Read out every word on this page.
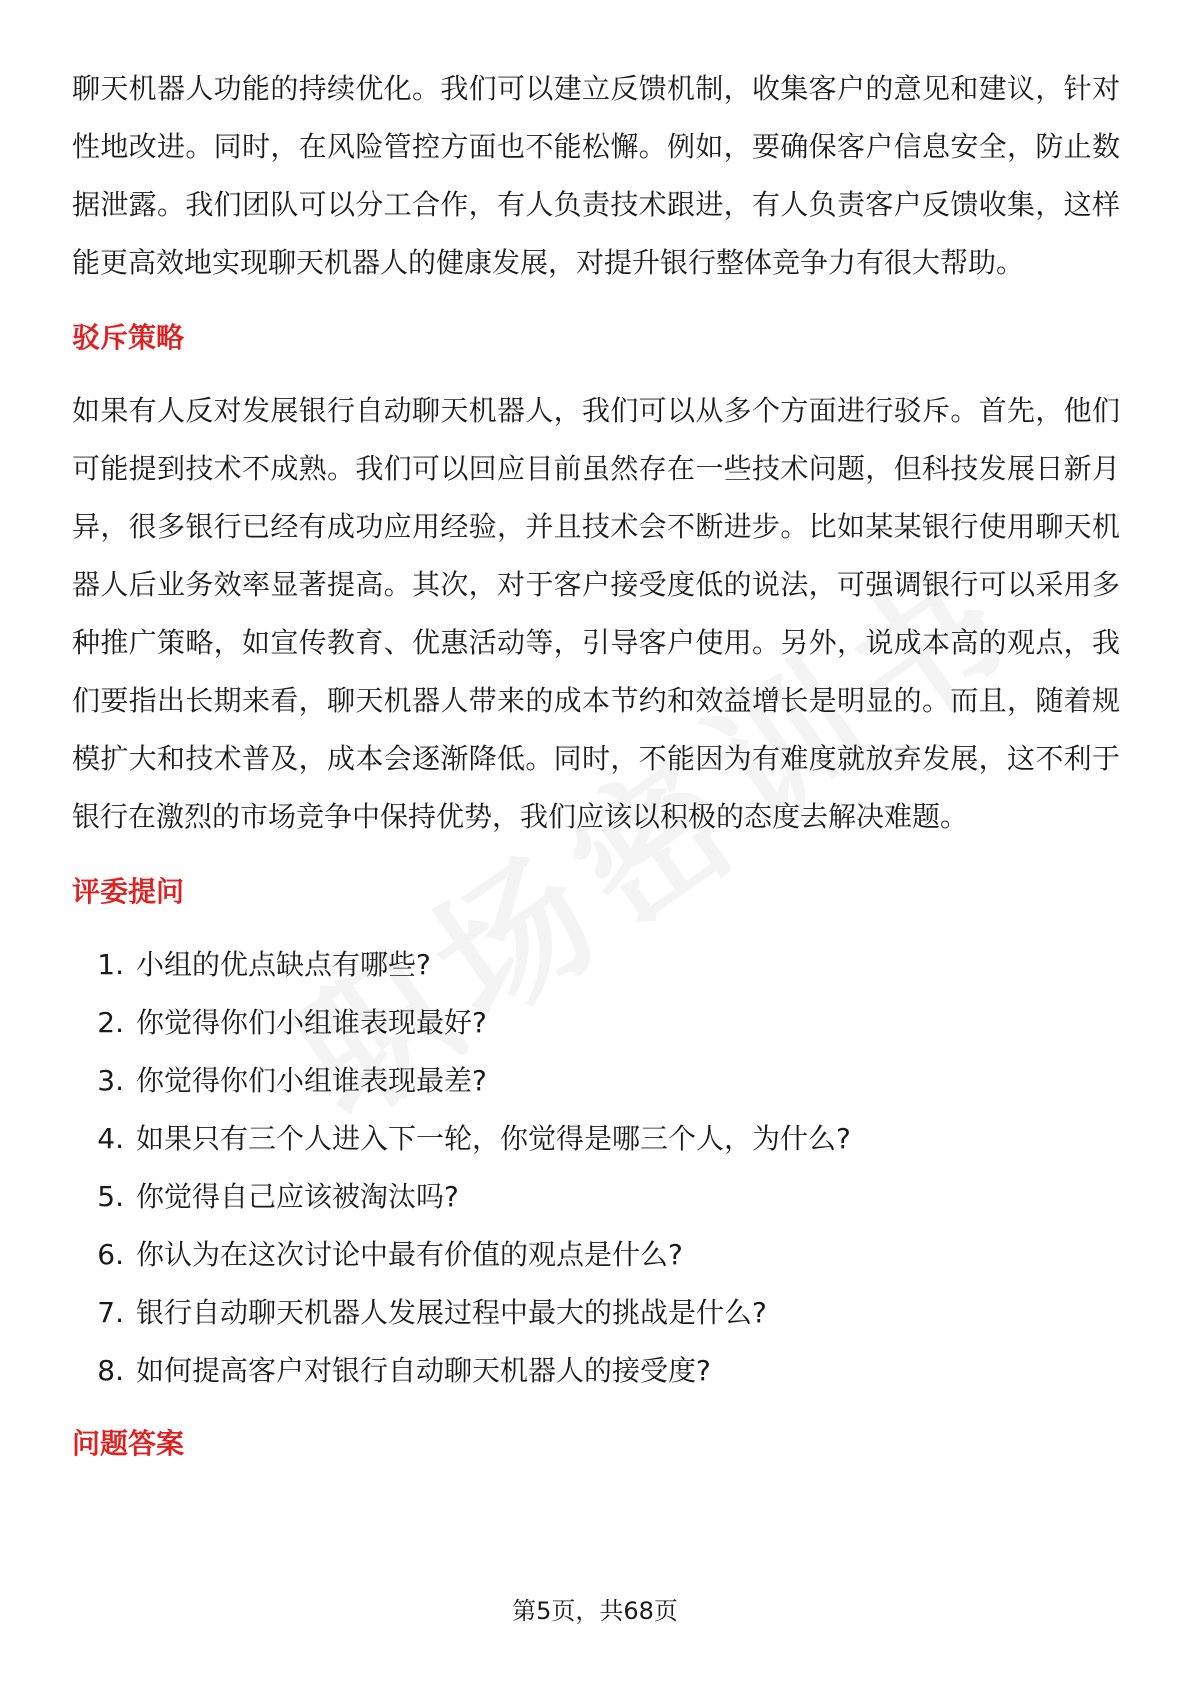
聊天机器人功能的持续优化。我们可以建立反馈机制，收集客户的意见和建议，针对性地改进。同时，在风险管控方面也不能松懈。例如，要确保客户信息安全，防止数据泄露。我们团队可以分工合作，有人负责技术跟进，有人负责客户反馈收集，这样能更高效地实现聊天机器人的健康发展，对提升银行整体竞争力有很大帮助。

驳斥策略

如果有人反对发展银行自动聊天机器人，我们可以从多个方面进行驳斥。首先，他们可能提到技术不成熟。我们可以回应目前虽然存在一些技术问题，但科技发展日新月异，很多银行已经有成功应用经验，并且技术会不断进步。比如某某银行使用聊天机器人后业务效率显著提高。其次，对于客户接受度低的说法，可强调银行可以采用多种推广策略，如宣传教育、优惠活动等，引导客户使用。另外，说成本高的观点，我们要指出长期来看，聊天机器人带来的成本节约和效益增长是明显的。而且，随着规模扩大和技术普及，成本会逐渐降低。同时，不能因为有难度就放弃发展，这不利于银行在激烈的市场竞争中保持优势，我们应该以积极的态度去解决难题。

评委提问
1. 小组的优点缺点有哪些?
2. 你觉得你们小组谁表现最好?
3. 你觉得你们小组谁表现最差?
4. 如果只有三个人进入下一轮，你觉得是哪三个人，为什么?
5. 你觉得自己应该被淘汰吗?
6. 你认为在这次讨论中最有价值的观点是什么?
7. 银行自动聊天机器人发展过程中最大的挑战是什么?
8. 如何提高客户对银行自动聊天机器人的接受度?
问题答案
第5页，共68页
